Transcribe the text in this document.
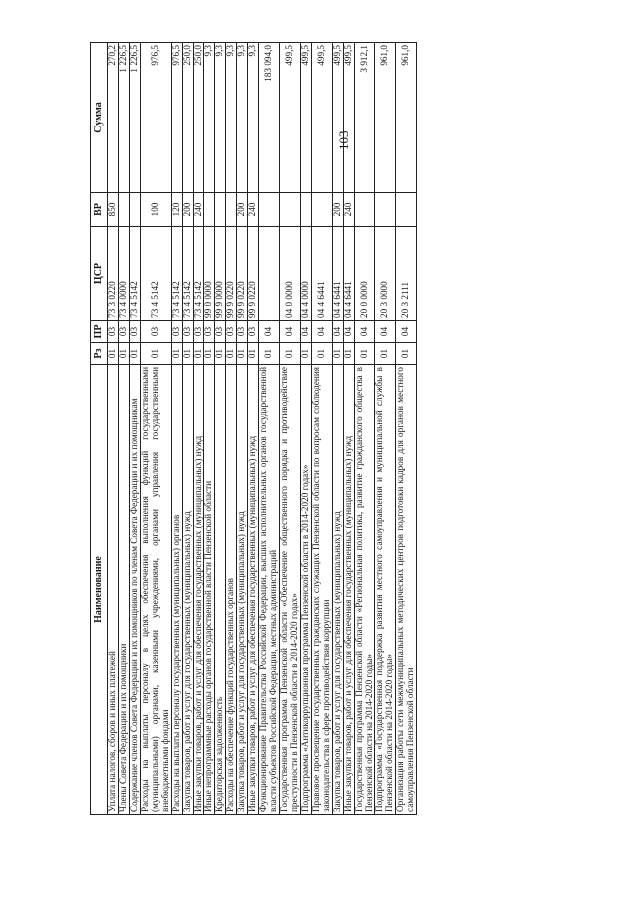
103
Наименование	Рз	ПР	ЦСР	ВР	Сумма
Уплата налогов, сборов и иных платежей	01	03	73 3 0220	850	270,2
Члены Совета Федерации и их помощники	01	03	73 4 0000		1 226,5
Содержание членов Совета Федерации и их помощников по членам Совета Федерации и их помощникам	01	03	73 4 5142		1 226,5
Расходы на выплаты персоналу в целях обеспечения выполнения функций государственными (муниципальными) органами, казенными учреждениями, органами управления государственными внебюджетными фондами	01	03	73 4 5142	100	976,5
Расходы на выплаты персоналу государственных (муниципальных) органов	01	03	73 4 5142	120	976,5
Закупка товаров, работ и услуг для государственных (муниципальных) нужд	01	03	73 4 5142	200	250,0
Иные закупки товаров, работ и услуг для обеспечения государственных (муниципальных) нужд	01	03	73 4 5142	240	250,0
Иные непрограммные расходы органов государственной власти Пензенской области	01	03	99 0 0000		9,3
Кредиторская задолженность	01	03	99 9 0000		9,3
Расходы на обеспечение функций государственных органов	01	03	99 9 0220		9,3
Закупка товаров, работ и услуг для государственных (муниципальных) нужд	01	03	99 9 0220	200	9,3
Иные закупки товаров, работ и услуг для обеспечения государственных (муниципальных) нужд	01	03	99 9 0220	240	9,3
Функционирование Правительства Российской Федерации, высших исполнительных органов государственной власти субъектов Российской Федерации, местных администраций	01	04			183 094,0
Государственная программа Пензенской области «Обеспечение общественного порядка и противодействие преступности в Пензенской области в 2014-2020 годах»	01	04	04 0 0000		499,5
Подпрограмма «Антикоррупционная программа Пензенской области в 2014-2020 годах»	01	04	04 4 0000		499,5
Правовое просвещение государственных гражданских служащих Пензенской области по вопросам соблюдения законодательства в сфере противодействия коррупции	01	04	04 4 6441		499,5
Закупка товаров, работ и услуг для государственных (муниципальных) нужд	01	04	04 4 6441	200	499,5
Иные закупки товаров, работ и услуг для обеспечения государственных (муниципальных) нужд	01	04	04 4 6441	240	499,5
Государственная программа Пензенской области «Региональная политика, развитие гражданского общества в Пензенской области на 2014-2020 годы»	01	04	20 0 0000		3 912,1
Подпрограмма «Государственная поддержка развития местного самоуправления и муниципальной службы в Пензенской области на 2014-2020 годы»	01	04	20 3 0000		961,0
Организация работы сети межмуниципальных методических центров подготовки кадров для органов местного самоуправления Пензенской области	01	04	20 3 2111		961,0
